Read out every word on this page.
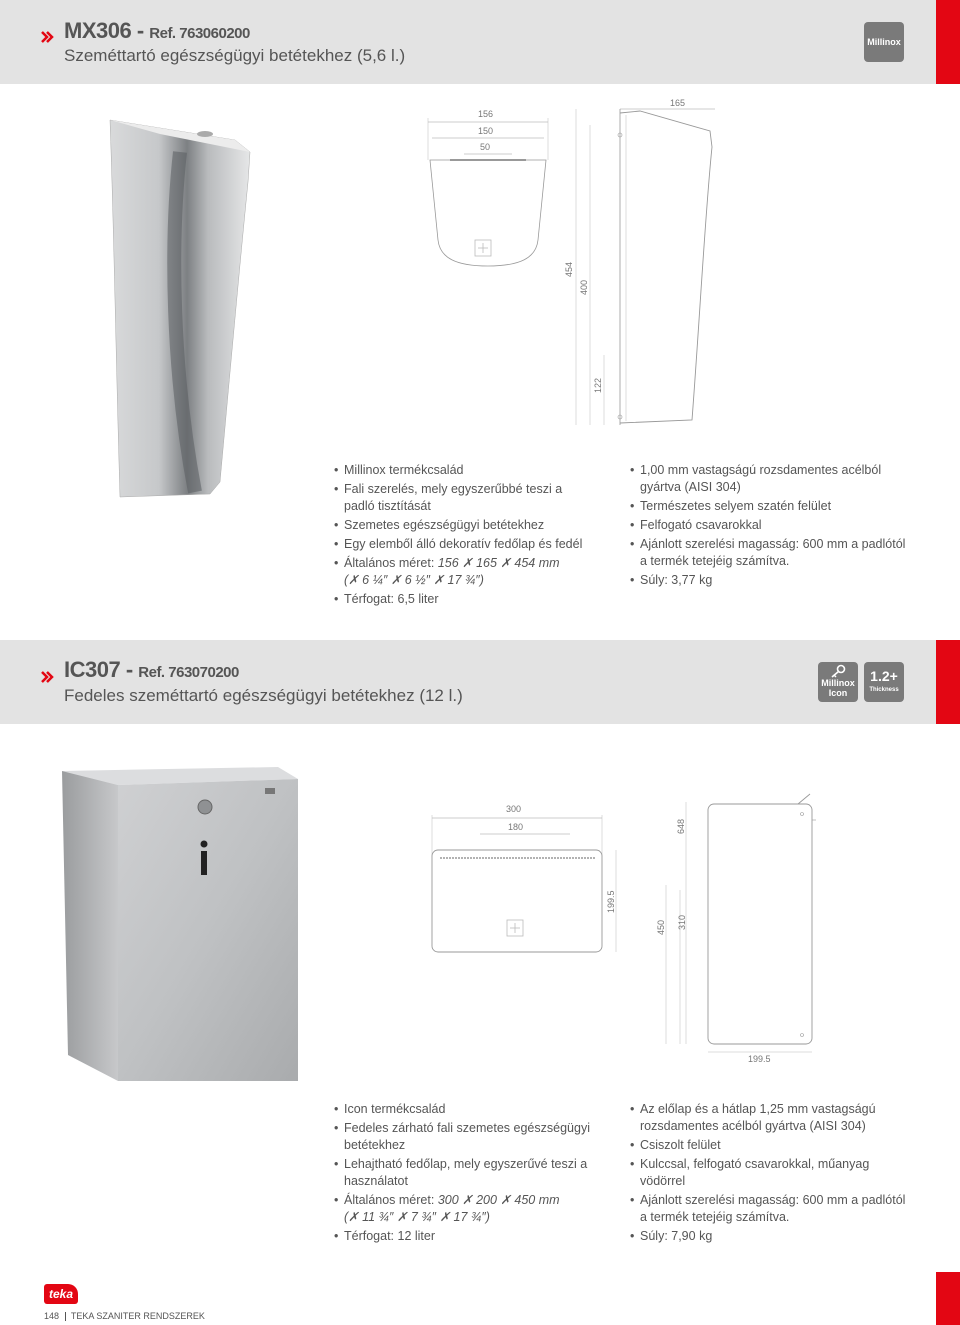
MX306 - Ref. 763060200
Szeméttartó egészségügyi betétekhez (5,6 l.)
Millinox
156
150
50
165
454
400
122
• Millinox termékcsalád
• Fali szerelés, mely egyszerűbbé teszi a padló tisztítását
• Szemetes egészségügyi betétekhez
• Egy elemből álló dekoratív fedőlap és fedél
• Általános méret: 156 ✗ 165 ✗ 454 mm
(✗ 6 ¼″ ✗ 6 ½″ ✗ 17 ¾″)
• Térfogat: 6,5 liter
• 1,00 mm vastagságú rozsdamentes acélból gyártva (AISI 304)
• Természetes selyem szatén felület
• Felfogató csavarokkal
• Ajánlott szerelési magasság: 600 mm a padlótól a termék tetejéig számítva.
• Súly: 3,77 kg
IC307 - Ref. 763070200
Fedeles szeméttartó egészségügyi betétekhez (12 l.)
Millinox
Icon
1.2+
Thickness
300
180
199.5
648
450 310
199.5
• Icon termékcsalád
• Fedeles zárható fali szemetes egészségügyi betétekhez
• Lehajtható fedőlap, mely egyszerűvé teszi a használatot
• Általános méret: 300 ✗ 200 ✗ 450 mm
(✗ 11 ¾″ ✗ 7 ¾″ ✗ 17 ¾″)
• Térfogat: 12 liter
• Az előlap és a hátlap 1,25 mm vastagságú rozsdamentes acélból gyártva (AISI 304)
• Csiszolt felület
• Kulccsal, felfogató csavarokkal, műanyag vödörrel
• Ajánlott szerelési magasság: 600 mm a padlótól a termék tetejéig számítva.
• Súly: 7,90 kg
teka
148 TEKA SZANITER RENDSZEREK
